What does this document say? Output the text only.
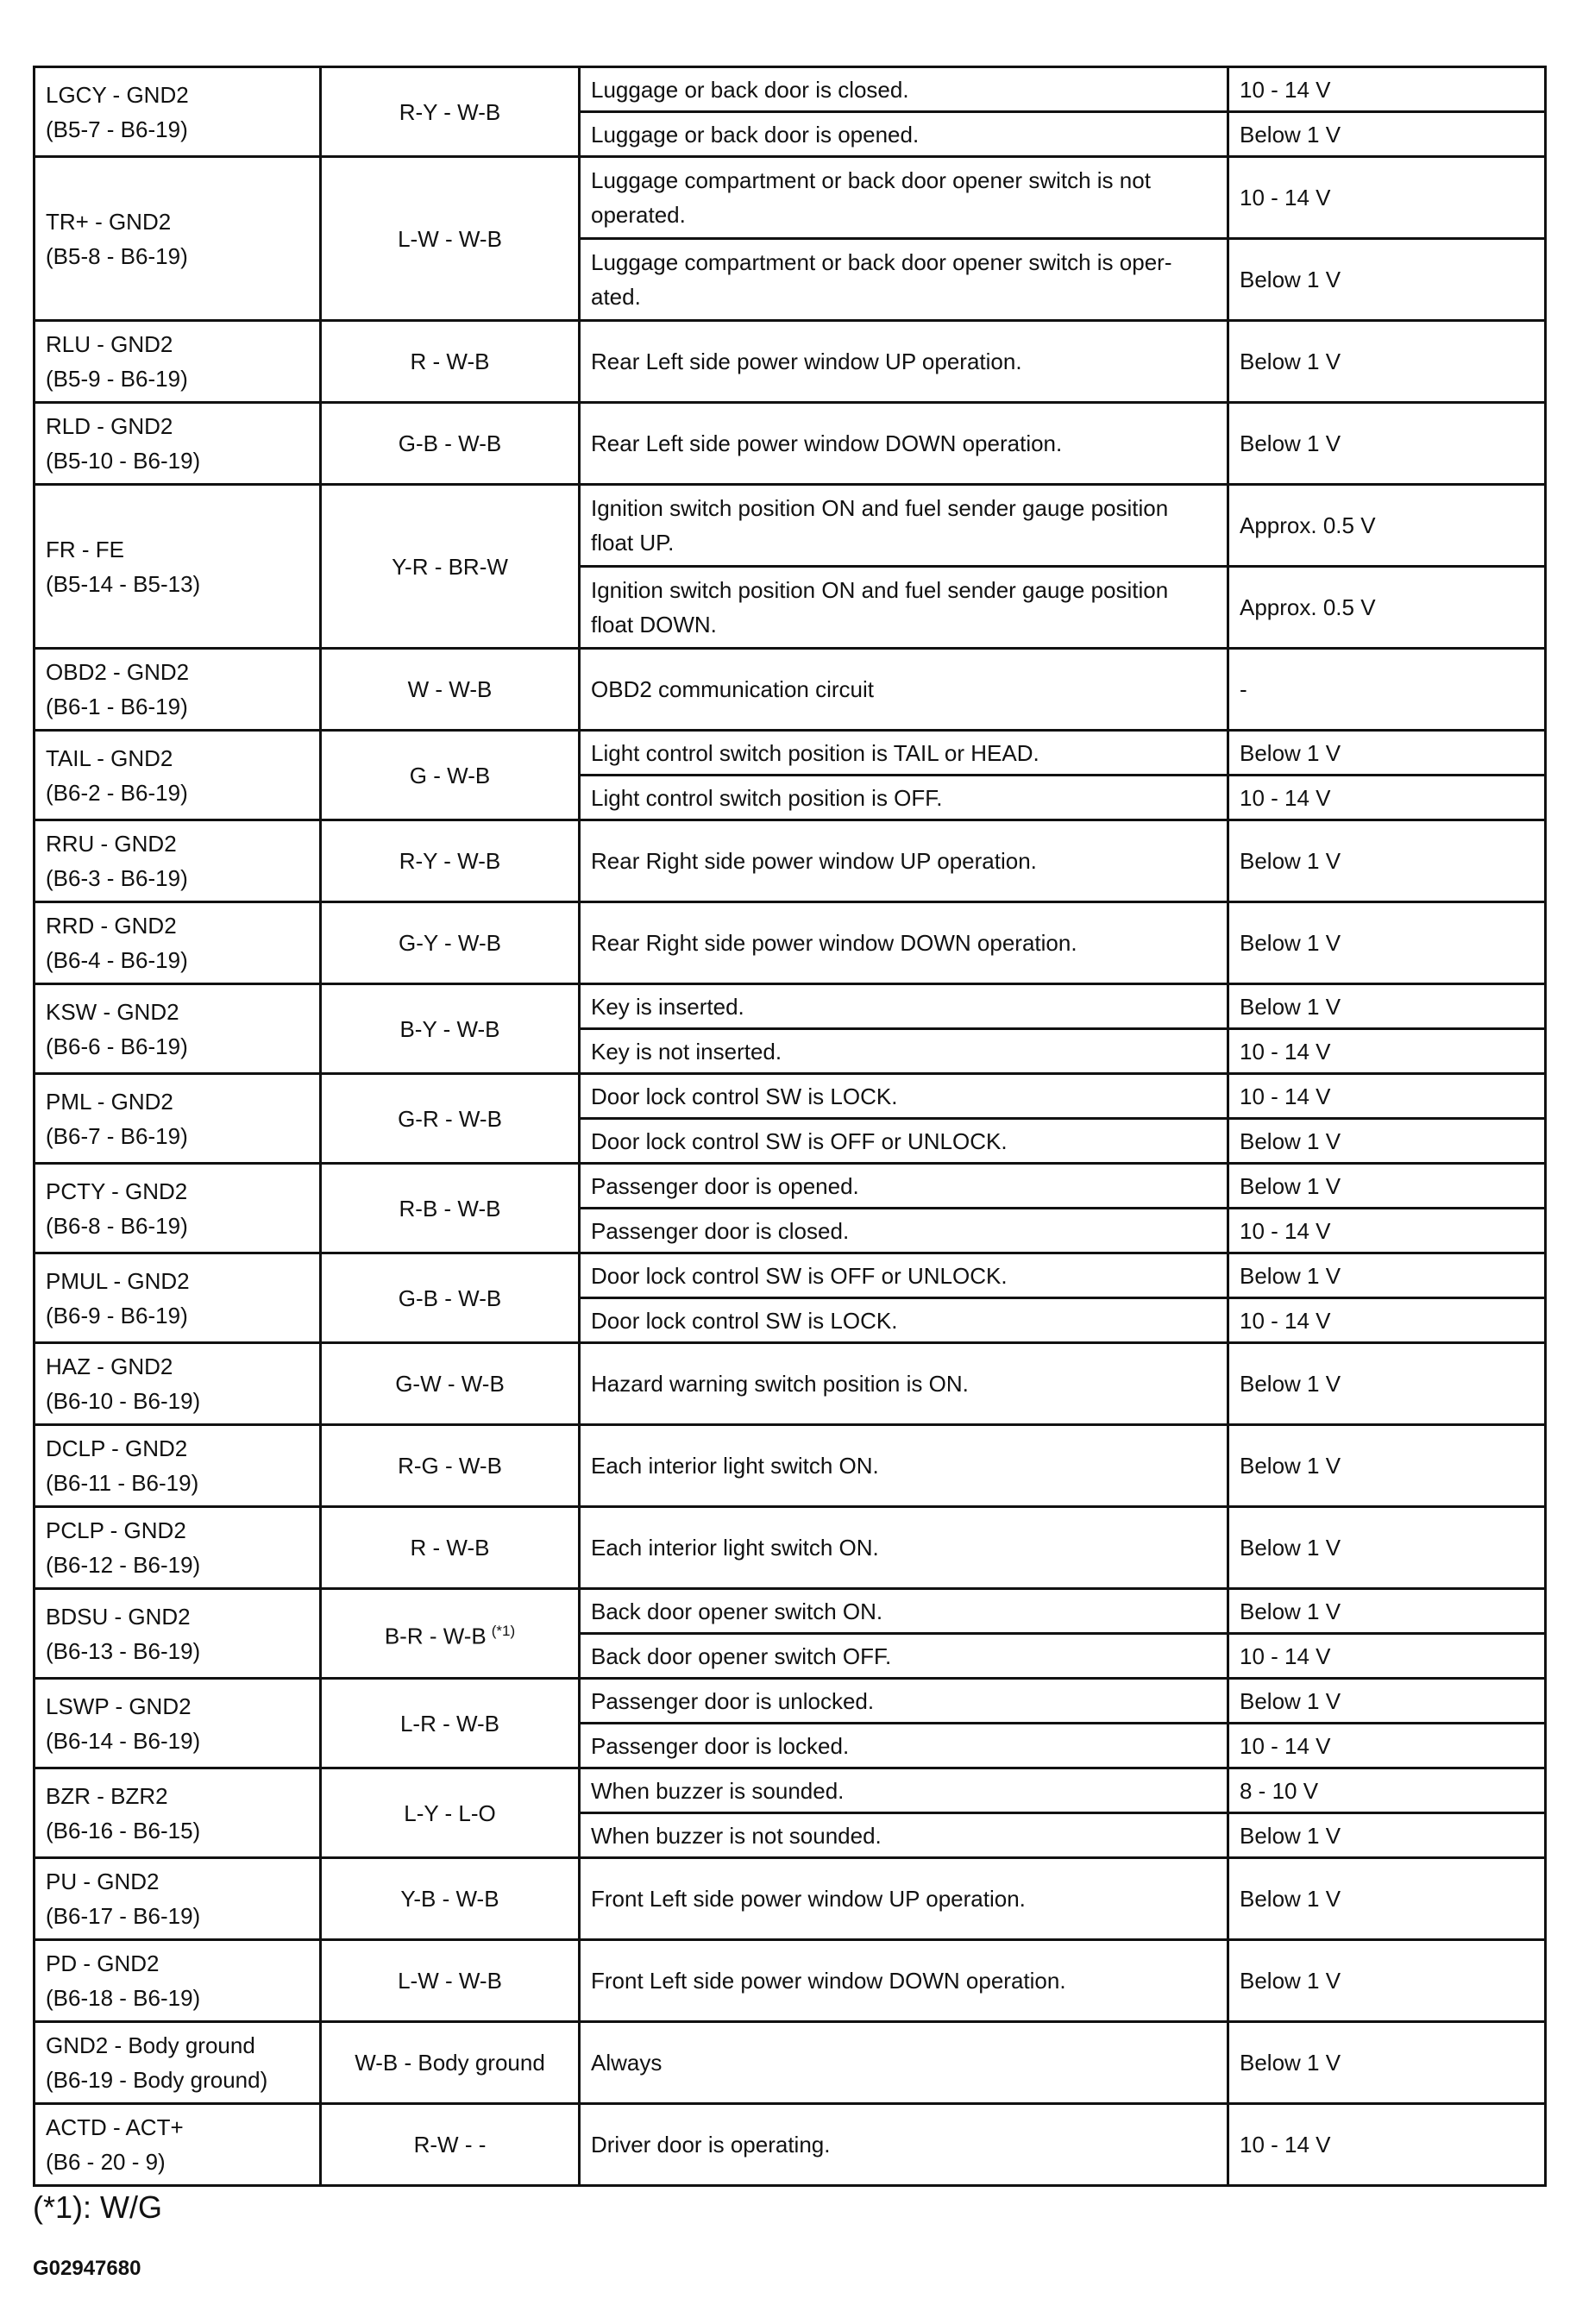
LGCY - GND2
(B5-7 - B6-19)	R-Y - W-B	Luggage or back door is closed.	10 - 14 V
		Luggage or back door is opened.	Below 1 V

TR+ - GND2
(B5-8 - B6-19)	L-W - W-B	Luggage compartment or back door opener switch is not operated.	10 - 14 V
		Luggage compartment or back door opener switch is oper-ated.	Below 1 V

RLU - GND2
(B5-9 - B6-19)	R - W-B	Rear Left side power window UP operation.	Below 1 V

RLD - GND2
(B5-10 - B6-19)	G-B - W-B	Rear Left side power window DOWN operation.	Below 1 V

FR - FE
(B5-14 - B5-13)	Y-R - BR-W	Ignition switch position ON and fuel sender gauge position float UP.	Approx. 0.5 V
		Ignition switch position ON and fuel sender gauge position float DOWN.	Approx. 0.5 V

OBD2 - GND2
(B6-1 - B6-19)	W - W-B	OBD2 communication circuit	-

TAIL - GND2
(B6-2 - B6-19)	G - W-B	Light control switch position is TAIL or HEAD.	Below 1 V
		Light control switch position is OFF.	10 - 14 V

RRU - GND2
(B6-3 - B6-19)	R-Y - W-B	Rear Right side power window UP operation.	Below 1 V

RRD - GND2
(B6-4 - B6-19)	G-Y - W-B	Rear Right side power window DOWN operation.	Below 1 V

KSW - GND2
(B6-6 - B6-19)	B-Y - W-B	Key is inserted.	Below 1 V
		Key is not inserted.	10 - 14 V

PML - GND2
(B6-7 - B6-19)	G-R - W-B	Door lock control SW is LOCK.	10 - 14 V
		Door lock control SW is OFF or UNLOCK.	Below 1 V

PCTY - GND2
(B6-8 - B6-19)	R-B - W-B	Passenger door is opened.	Below 1 V
		Passenger door is closed.	10 - 14 V

PMUL - GND2
(B6-9 - B6-19)	G-B - W-B	Door lock control SW is OFF or UNLOCK.	Below 1 V
		Door lock control SW is LOCK.	10 - 14 V

HAZ - GND2
(B6-10 - B6-19)	G-W - W-B	Hazard warning switch position is ON.	Below 1 V

DCLP - GND2
(B6-11 - B6-19)	R-G - W-B	Each interior light switch ON.	Below 1 V

PCLP - GND2
(B6-12 - B6-19)	R - W-B	Each interior light switch ON.	Below 1 V

BDSU - GND2
(B6-13 - B6-19)	B-R - W-B $^{(*1)}$	Back door opener switch ON.	Below 1 V
		Back door opener switch OFF.	10 - 14 V

LSWP - GND2
(B6-14 - B6-19)	L-R - W-B	Passenger door is unlocked.	Below 1 V
		Passenger door is locked.	10 - 14 V

BZR - BZR2
(B6-16 - B6-15)	L-Y - L-O	When buzzer is sounded.	8 - 10 V
		When buzzer is not sounded.	Below 1 V

PU - GND2
(B6-17 - B6-19)	Y-B - W-B	Front Left side power window UP operation.	Below 1 V

PD - GND2
(B6-18 - B6-19)	L-W - W-B	Front Left side power window DOWN operation.	Below 1 V

GND2 - Body ground
(B6-19 - Body ground)	W-B - Body ground	Always	Below 1 V

ACTD - ACT+
(B6 - 20 - 9)	R-W - -	Driver door is operating.	10 - 14 V
(*1): W/G
G02947680
